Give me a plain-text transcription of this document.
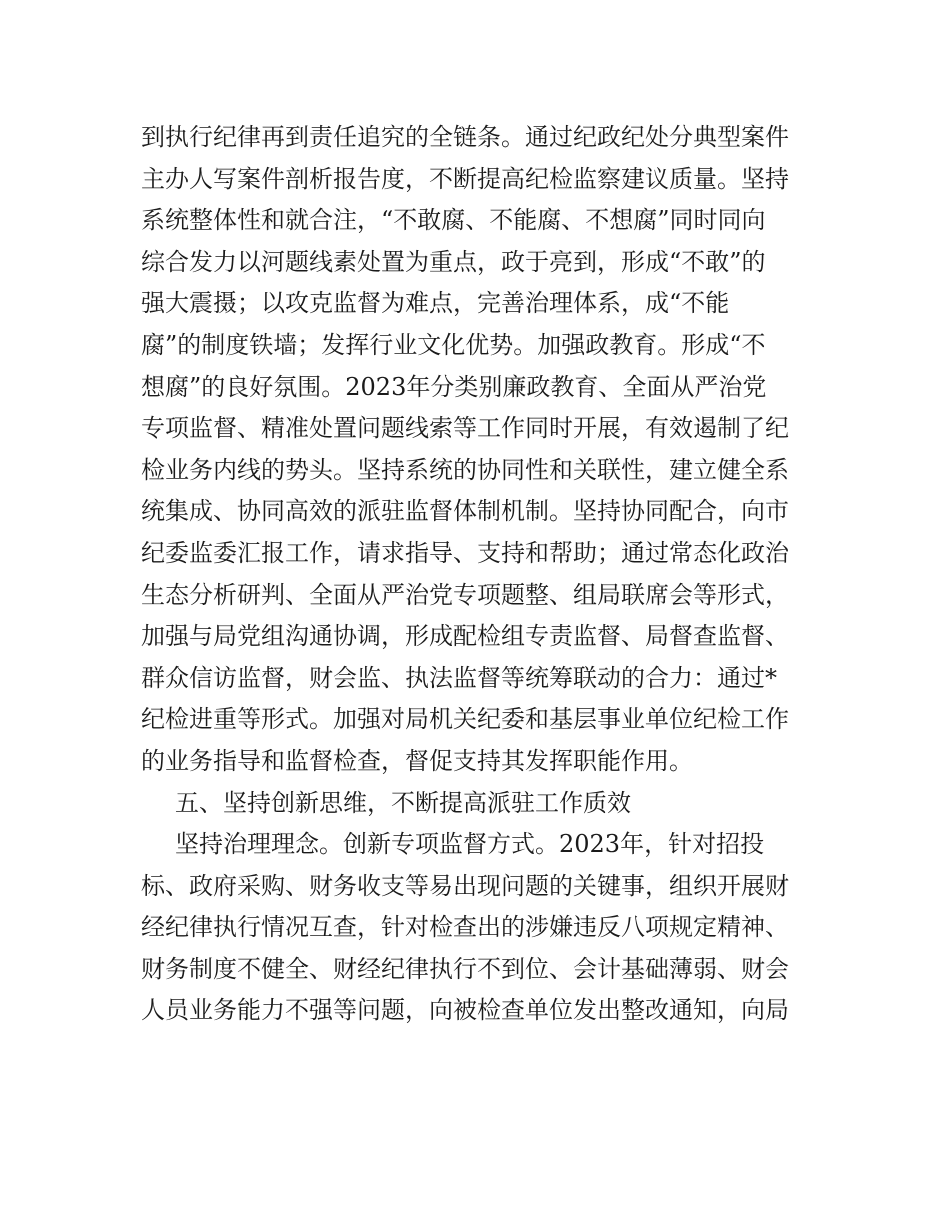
到执行纪律再到责任追究的全链条。通过纪政纪处分典型案件
主办人写案件剖析报告度，不断提高纪检监察建议质量。坚持
系统整体性和就合注，“不敢腐、不能腐、不想腐”同时同向
综合发力以河题线素处置为重点，政于亮到，形成“不敢”的
强大震摄；以攻克监督为难点，完善治理体系，成“不能
腐”的制度铁墙；发挥行业文化优势。加强政教育。形成“不
想腐”的良好氛围。2023年分类别廉政教育、全面从严治党
专项监督、精准处置问题线索等工作同时开展，有效遏制了纪
检业务内线的势头。坚持系统的协同性和关联性，建立健全系
统集成、协同高效的派驻监督体制机制。坚持协同配合，向市
纪委监委汇报工作，请求指导、支持和帮助；通过常态化政治
生态分析研判、全面从严治党专项题整、组局联席会等形式，
加强与局党组沟通协调，形成配检组专责监督、局督查监督、
群众信访监督，财会监、执法监督等统筹联动的合力：通过*
纪检进重等形式。加强对局机关纪委和基层事业单位纪检工作
的业务指导和监督检查，督促支持其发挥职能作用。
五、坚持创新思维，不断提高派驻工作质效
坚持治理理念。创新专项监督方式。2023年，针对招投
标、政府采购、财务收支等易出现问题的关键事，组织开展财
经纪律执行情况互查，针对检查出的涉嫌违反八项规定精神、
财务制度不健全、财经纪律执行不到位、会计基础薄弱、财会
人员业务能力不强等问题，向被检查单位发出整改通知，向局
